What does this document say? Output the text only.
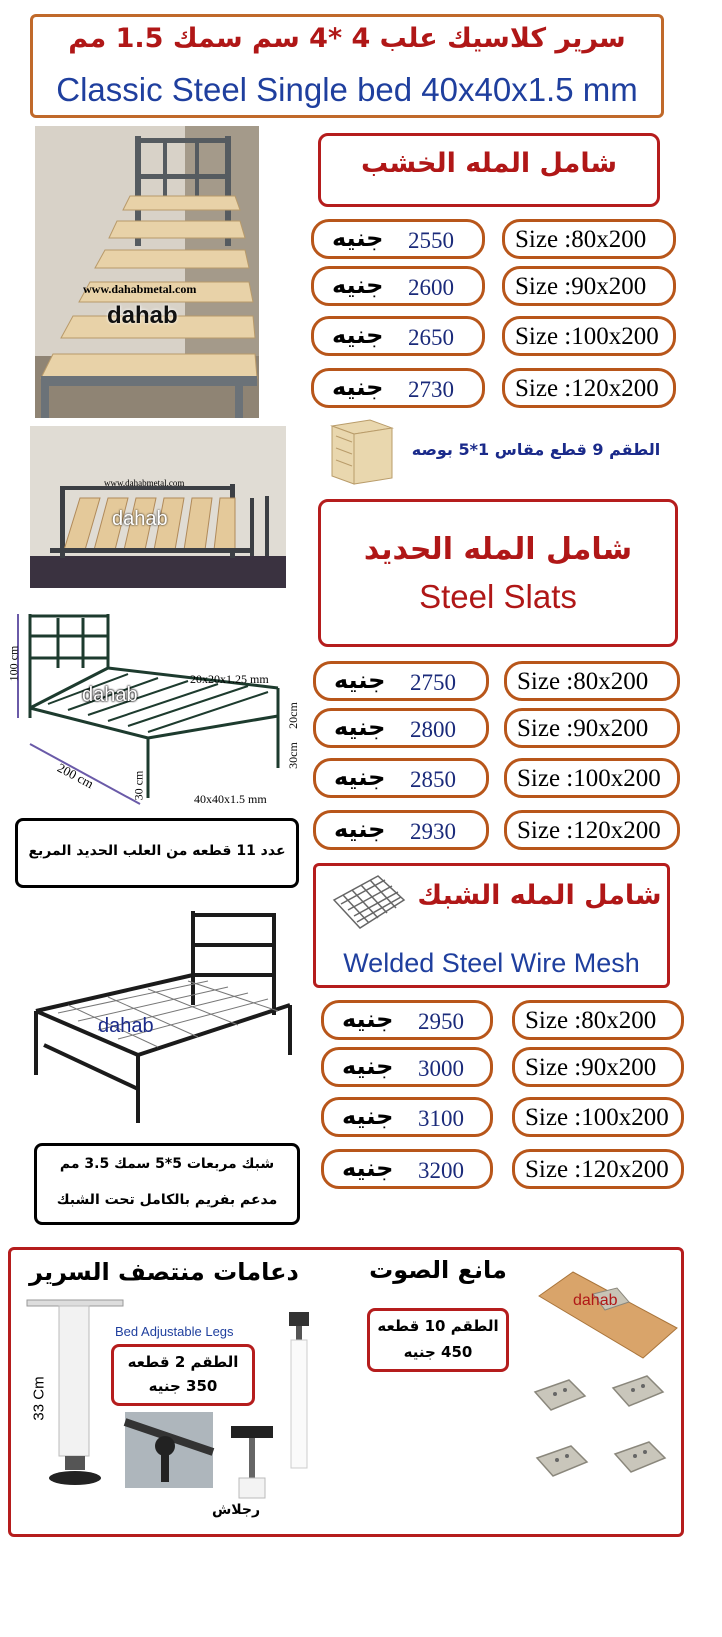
سرير كلاسيك علب 4 *4 سم سمك 1.5 مم
Classic Steel Single bed 40x40x1.5 mm
www.dahabmetal.com
dahab
www.dahabmetal.com
dahab
شامل المله الخشب
جنيه 2550 Size :80x200
جنيه 2600 Size :90x200
جنيه 2650 Size :100x200
جنيه 2730 Size :120x200
الطقم 9 قطع مقاس 1*5 بوصه
شامل المله الحديد
Steel Slats
100 cm	20x20x1.25 mm
20cm
30cm
200 cm	30 cm	40x40x1.5 mm
dahab
جنيه 2750 Size :80x200
جنيه 2800 Size :90x200
جنيه 2850 Size :100x200
جنيه 2930 Size :120x200
عدد 11 قطعه من العلب الحديد المربع
شامل المله الشبك
Welded Steel Wire Mesh
dahab	جنيه 2950 Size :80x200
جنيه 3000 Size :90x200
جنيه 3100 Size :100x200
جنيه 3200 Size :120x200
شبك مربعات 5*5 سمك 3.5 مم
مدعم بفريم بالكامل تحت الشبك
دعامات منتصف السرير	مانع الصوت
33 Cm
Bed Adjustable Legs
الطقم 2 قطعه
350 جنيه
رجلاش
الطقم 10 قطعه
450 جنيه
dahab
